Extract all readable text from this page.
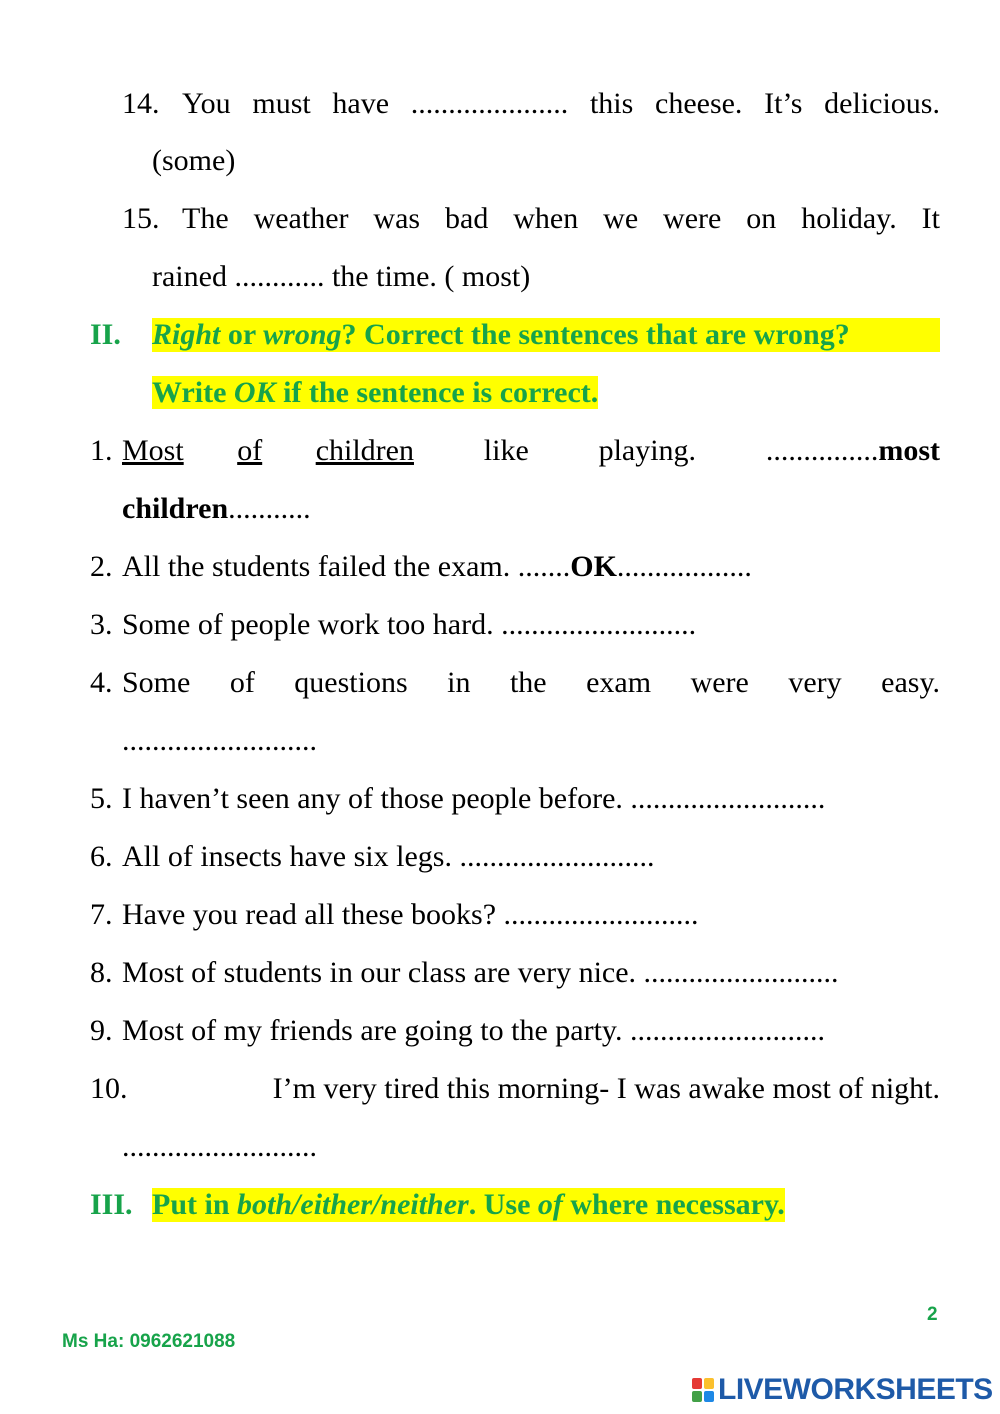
14. You must have ..................... this cheese. It’s delicious.
(some)
15. The weather was bad when we were on holiday. It
rained ............ the time. ( most)
II.	Right or wrong? Correct the sentences that are wrong?
Write OK if the sentence is correct.
1. Most of children like playing. ...............most
children...........
2. All the students failed the exam. .......OK..................
3. Some of people work too hard. ..........................
4. Some of questions in the exam were very easy.
..........................
5. I haven’t seen any of those people before. ..........................
6. All of insects have six legs. ..........................
7. Have you read all these books? ..........................
8. Most of students in our class are very nice. ..........................
9. Most of my friends are going to the party. ..........................
10.	I’m very tired this morning- I was awake most of night.
..........................
III. Put in both/either/neither. Use of where necessary.
2
Ms Ha: 0962621088
LIVEWORKSHEETS
